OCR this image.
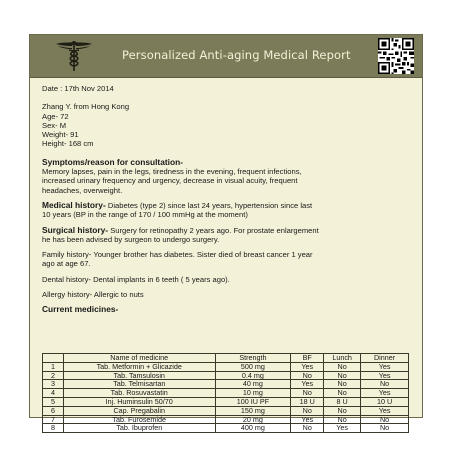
Personalized Anti-aging Medical Report

Date : 17th Nov 2014

Zhang Y. from Hong Kong

Age- 72

Sex- M

Weight- 91

Height- 168 cm

Symptoms/reason for consultation-

Memory lapses, pain in the legs, tiredness in the evening, frequent infections,

increased urinary frequency and urgency, decrease in visual acuity, frequent

headaches, overweight.

Medical history- Diabetes (type 2) since last 24 years, hypertension since last

10 years (BP in the range of 170 / 100 mmHg at the moment)

Surgical history- Surgery for retinopathy 2 years ago. For prostate enlargement

he has been advised by surgeon to undergo surgery.

Family history- Younger brother has diabetes. Sister died of breast cancer 1 year

ago at age 67.

Dental history- Dental implants in 6 teeth ( 5 years ago).

Allergy history- Allergic to nuts

Current medicines-

	Name of medicine	Strength	BF	Lunch	Dinner
1	Tab. Metformin + Glicazide	500 mg	Yes	No	Yes
2	Tab. Tamsulosin	0.4 mg	No	No	Yes
3	Tab. Telmisartan	40 mg	Yes	No	No
4	Tab. Rosuvastatin	10 mg	No	No	Yes
5	Inj. Huminsulin 50/70	100 IU PF	18 U	8 U	10 U
6	Cap. Pregabalin	150 mg	No	No	Yes
7	Tab. Furosemide	20 mg	Yes	No	No
8	Tab. Ibuprofen	400 mg	No	Yes	No
